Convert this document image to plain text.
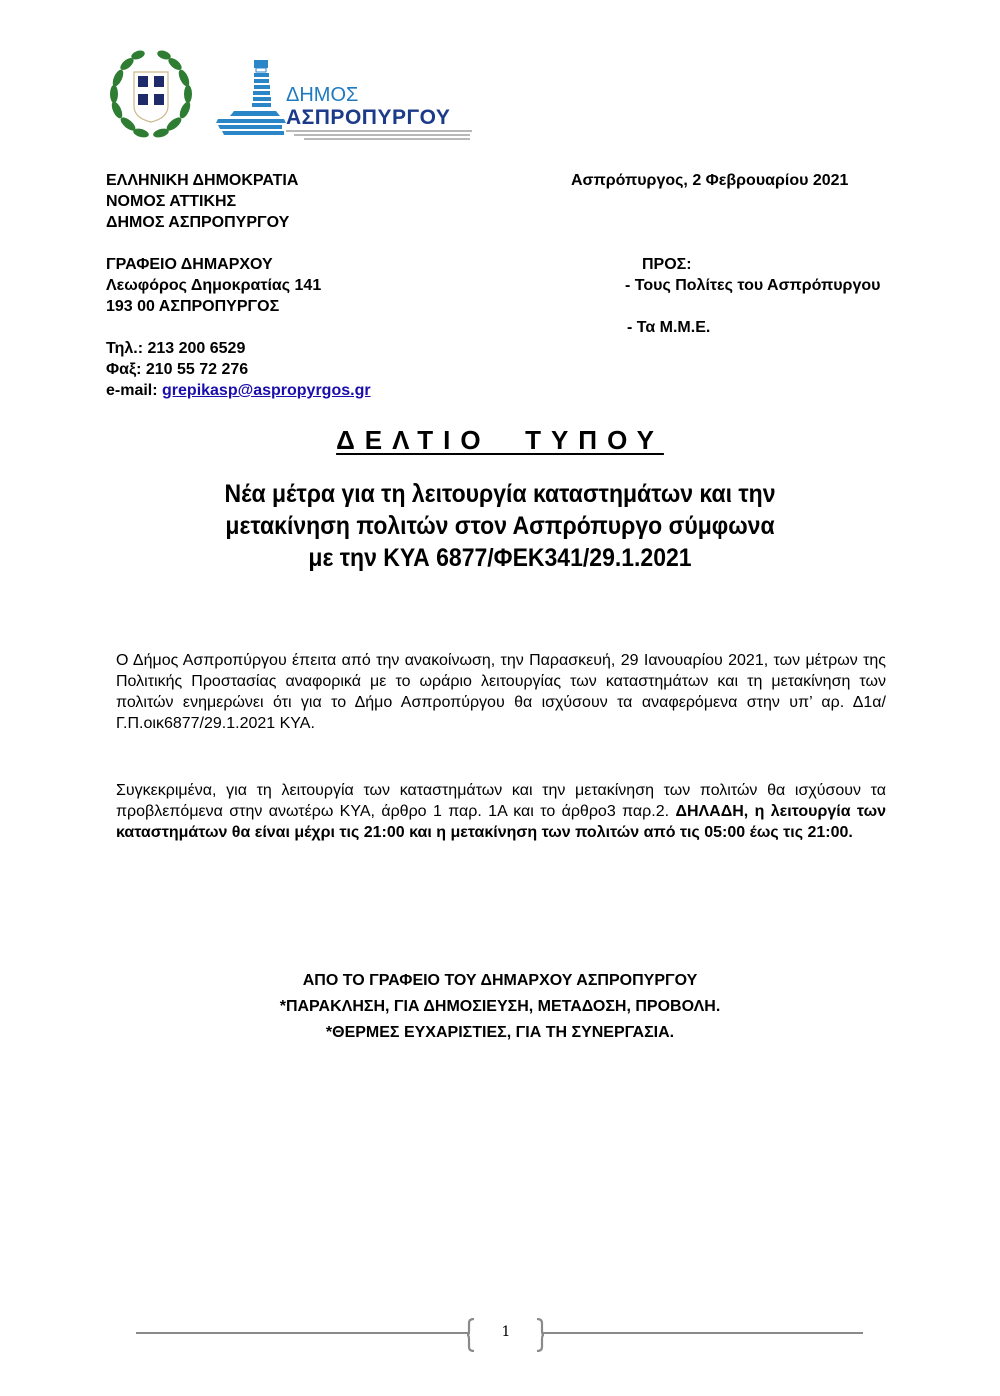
ΔΗΜΟΣ
ΑΣΠΡΟΠΥΡΓΟΥ
ΕΛΛΗΝΙΚΗ ΔΗΜΟΚΡΑΤΙΑ
ΝΟΜΟΣ ΑΤΤΙΚΗΣ
ΔΗΜΟΣ ΑΣΠΡΟΠΥΡΓΟΥ
ΓΡΑΦΕΙΟ ΔΗΜΑΡΧΟΥ
Λεωφόρος Δημοκρατίας 141
193 00 ΑΣΠΡΟΠΥΡΓΟΣ
Τηλ.: 213 200 6529
Φαξ: 210 55 72 276
e-mail: grepikasp@aspropyrgos.gr
Ασπρόπυργος, 2 Φεβρουαρίου 2021
ΠΡΟΣ:
- Τους Πολίτες του Ασπρόπυργου
- Τα Μ.Μ.Ε.
ΔΕΛΤΙΟ  ΤΥΠΟΥ
Νέα μέτρα για τη λειτουργία καταστημάτων και την
μετακίνηση πολιτών στον Ασπρόπυργο σύμφωνα
με την ΚΥΑ 6877/ΦΕΚ341/29.1.2021
Ο Δήμος Ασπροπύργου έπειτα από την ανακοίνωση, την Παρασκευή, 29 Ιανουαρίου 2021, των μέτρων της Πολιτικής Προστασίας αναφορικά με το ωράριο λειτουργίας των καταστημάτων και τη μετακίνηση των πολιτών ενημερώνει ότι για το Δήμο Ασπροπύργου θα ισχύσουν τα αναφερόμενα στην υπ’ αρ. Δ1α/Γ.Π.οικ6877/29.1.2021 ΚΥΑ.
Συγκεκριμένα, για τη λειτουργία των καταστημάτων και την μετακίνηση των πολιτών θα ισχύσουν τα προβλεπόμενα στην ανωτέρω ΚΥΑ, άρθρο 1 παρ. 1Α και το άρθρο3 παρ.2. ΔΗΛΑΔΗ, η λειτουργία των καταστημάτων θα είναι μέχρι τις 21:00 και η μετακίνηση των πολιτών από τις 05:00 έως τις 21:00.
ΑΠΟ ΤΟ ΓΡΑΦΕΙΟ ΤΟΥ ΔΗΜΑΡΧΟΥ ΑΣΠΡΟΠΥΡΓΟΥ
*ΠΑΡΑΚΛΗΣΗ, ΓΙΑ ΔΗΜΟΣΙΕΥΣΗ, ΜΕΤΑΔΟΣΗ, ΠΡΟΒΟΛΗ.
*ΘΕΡΜΕΣ ΕΥΧΑΡΙΣΤΙΕΣ, ΓΙΑ ΤΗ ΣΥΝΕΡΓΑΣΙΑ.
1
